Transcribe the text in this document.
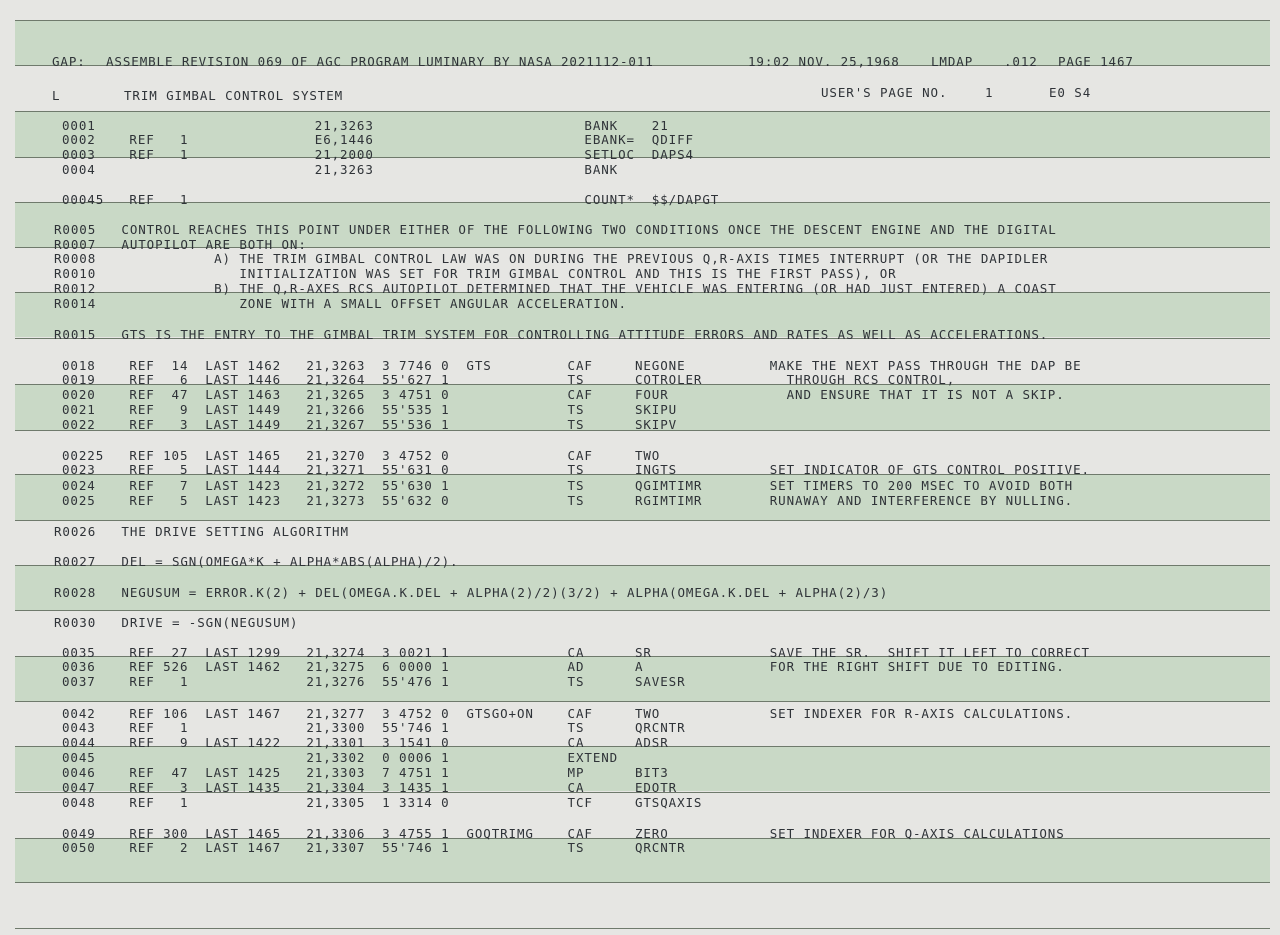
GAP: ASSEMBLE REVISION 069 OF AGC PROGRAM LUMINARY BY NASA 2021112-011	19:02 NOV. 25,1968	LMDAP .012 PAGE 1467
L	TRIM GIMBAL CONTROL SYSTEM	USER'S PAGE NO.	1	E0 S4
0001                          21,3263                         BANK    21
0002    REF   1               E6,1446                         EBANK=  QDIFF
0003    REF   1               21,2000                         SETLOC  DAPS4
0004                          21,3263                         BANK
00045   REF   1                                               COUNT*  $$/DAPGT
R0005   CONTROL REACHES THIS POINT UNDER EITHER OF THE FOLLOWING TWO CONDITIONS ONCE THE DESCENT ENGINE AND THE DIGITAL
R0007   AUTOPILOT ARE BOTH ON:
R0008              A) THE TRIM GIMBAL CONTROL LAW WAS ON DURING THE PREVIOUS Q,R-AXIS TIME5 INTERRUPT (OR THE DAPIDLER
R0010                 INITIALIZATION WAS SET FOR TRIM GIMBAL CONTROL AND THIS IS THE FIRST PASS), OR
R0012              B) THE Q,R-AXES RCS AUTOPILOT DETERMINED THAT THE VEHICLE WAS ENTERING (OR HAD JUST ENTERED) A COAST
R0014                 ZONE WITH A SMALL OFFSET ANGULAR ACCELERATION.
R0015   GTS IS THE ENTRY TO THE GIMBAL TRIM SYSTEM FOR CONTROLLING ATTITUDE ERRORS AND RATES AS WELL AS ACCELERATIONS.
0018    REF  14  LAST 1462   21,3263  3 7746 0  GTS         CAF     NEGONE          MAKE THE NEXT PASS THROUGH THE DAP BE
0019    REF   6  LAST 1446   21,3264  55'627 1              TS      COTROLER          THROUGH RCS CONTROL,
0020    REF  47  LAST 1463   21,3265  3 4751 0              CAF     FOUR              AND ENSURE THAT IT IS NOT A SKIP.
0021    REF   9  LAST 1449   21,3266  55'535 1              TS      SKIPU
0022    REF   3  LAST 1449   21,3267  55'536 1              TS      SKIPV
00225   REF 105  LAST 1465   21,3270  3 4752 0              CAF     TWO
0023    REF   5  LAST 1444   21,3271  55'631 0              TS      INGTS           SET INDICATOR OF GTS CONTROL POSITIVE.
0024    REF   7  LAST 1423   21,3272  55'630 1              TS      QGIMTIMR        SET TIMERS TO 200 MSEC TO AVOID BOTH
0025    REF   5  LAST 1423   21,3273  55'632 0              TS      RGIMTIMR        RUNAWAY AND INTERFERENCE BY NULLING.
R0026   THE DRIVE SETTING ALGORITHM
R0027   DEL = SGN(OMEGA*K + ALPHA*ABS(ALPHA)/2).
R0028   NEGUSUM = ERROR.K(2) + DEL(OMEGA.K.DEL + ALPHA(2)/2)(3/2) + ALPHA(OMEGA.K.DEL + ALPHA(2)/3)
R0030   DRIVE = -SGN(NEGUSUM)
0035    REF  27  LAST 1299   21,3274  3 0021 1              CA      SR              SAVE THE SR.  SHIFT IT LEFT TO CORRECT
0036    REF 526  LAST 1462   21,3275  6 0000 1              AD      A               FOR THE RIGHT SHIFT DUE TO EDITING.
0037    REF   1              21,3276  55'476 1              TS      SAVESR
0042    REF 106  LAST 1467   21,3277  3 4752 0  GTSGO+ON    CAF     TWO             SET INDEXER FOR R-AXIS CALCULATIONS.
0043    REF   1              21,3300  55'746 1              TS      QRCNTR
0044    REF   9  LAST 1422   21,3301  3 1541 0              CA      ADSR
0045                         21,3302  0 0006 1              EXTEND
0046    REF  47  LAST 1425   21,3303  7 4751 1              MP      BIT3
0047    REF   3  LAST 1435   21,3304  3 1435 1              CA      EDOTR
0048    REF   1              21,3305  1 3314 0              TCF     GTSQAXIS
0049    REF 300  LAST 1465   21,3306  3 4755 1  GOQTRIMG    CAF     ZERO            SET INDEXER FOR Q-AXIS CALCULATIONS
0050    REF   2  LAST 1467   21,3307  55'746 1              TS      QRCNTR
